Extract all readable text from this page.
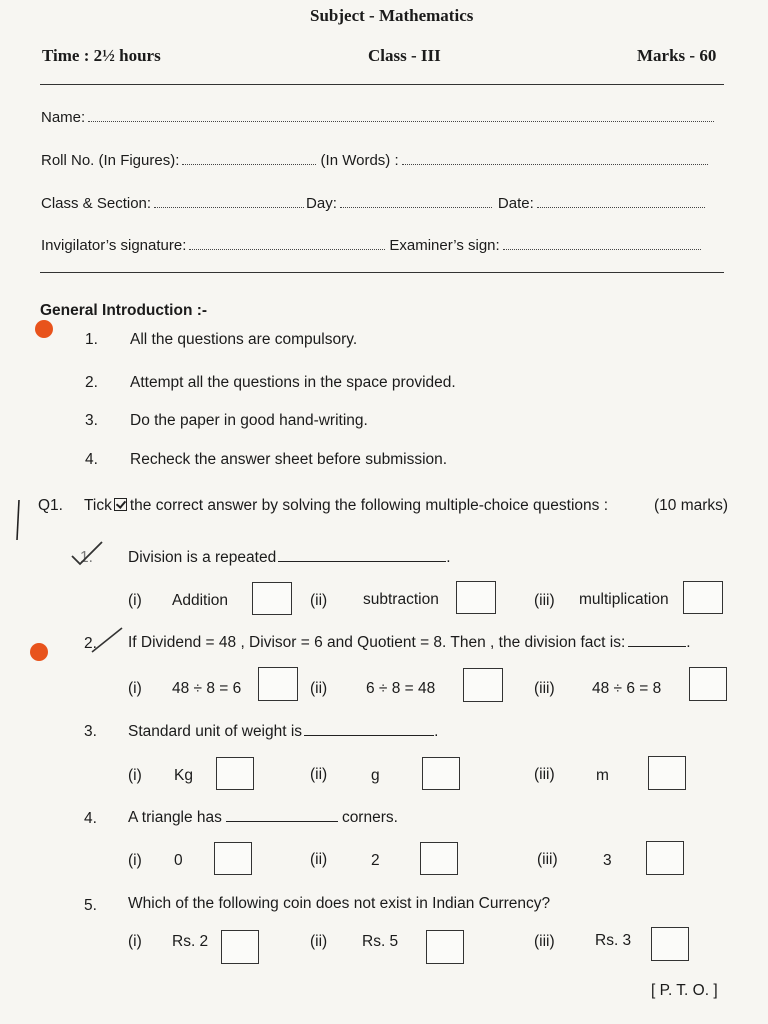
Subject - Mathematics
Time : 2½ hours	Class - III	Marks - 60
Name:
Roll No. (In Figures):	(In Words) :
Class & Section:	Day:	Date:
Invigilator’s signature:	Examiner’s sign:
General Introduction :-
1. All the questions are compulsory.
2. Attempt all the questions in the space provided.
3. Do the paper in good hand-writing.
4. Recheck the answer sheet before submission.
Q1. Tick the correct answer by solving the following multiple-choice questions :	(10 marks)
1. Division is a repeated	.
(i) Addition	(ii) subtraction	(iii) multiplication
2. If Dividend = 48 , Divisor = 6 and Quotient = 8. Then , the division fact is:	.
(i) 48 ÷ 8 = 6	(ii)	6 ÷ 8 = 48	(iii) 48 ÷ 6 = 8
3. Standard unit of weight is	.
(i) Kg	(ii)	g	(iii)	m
4. A triangle has	corners.
(i) 0	(ii)	2	(iii)	3
5. Which of the following coin does not exist in Indian Currency?
(i) Rs. 2	(ii) Rs. 5	(iii)	Rs. 3
[ P. T. O. ]
